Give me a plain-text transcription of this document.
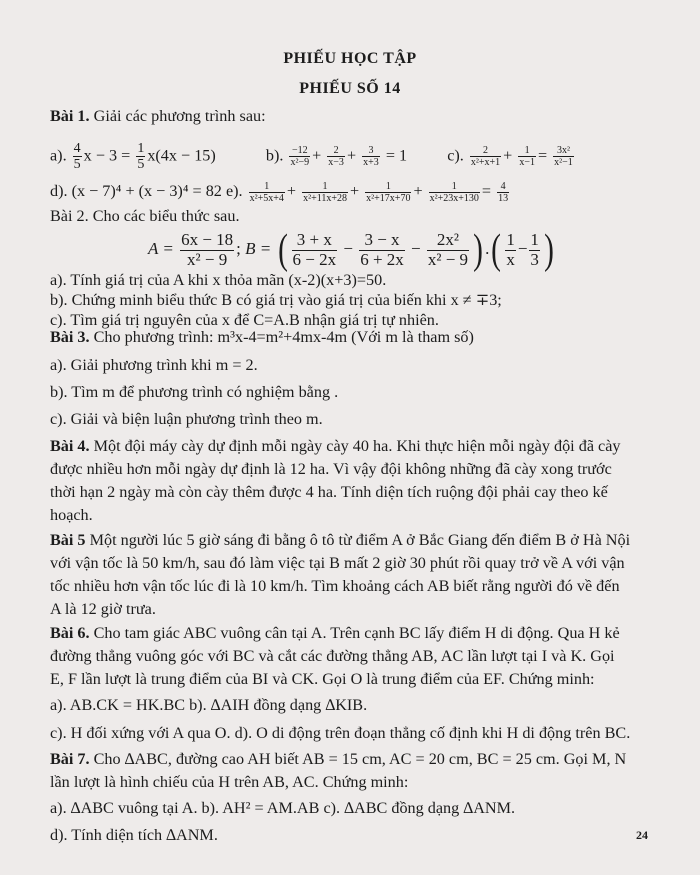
PHIẾU HỌC TẬP
PHIẾU SỐ 14
Bài 1. Giải các phương trình sau:
a). $\frac{4}{5}$ $x - 3 = \frac{1}{5} x(4x - 15)$	b). $\frac{-12}{\text{x²−9}} + \frac{2}{x-3} + \frac{3}{x+3} = 1$ c). $\frac{2}{\text{x²+x+1}} + \frac{1}{x-1} = \frac{\text{3x²}}{\text{x²−1}}$
d). (x − 7)⁴ + (x − 3)⁴ = 82 e). $\frac{1}{\text{x²+5x+4}} + \frac{1}{\text{x²+11x+28}} + \frac{1}{\text{x²+17x+70}} + \frac{1}{\text{x²+23x+130}} = \frac{4}{13}$
Bài 2. Cho các biểu thức sau.
$A = \frac{6x - 18}{\text{x² − 9}}$ ; B = ( $\frac{3 + x}{6 - 2x} - \frac{3 - x}{6 + 2x} - \frac{\text{2x²}}{\text{x² − 9}}$ ) .( $\frac{1}{x} - \frac{1}{3}$ )
a). Tính giá trị của A khi x thỏa mãn (x-2)(x+3)=50.
b). Chứng minh biểu thức B có giá trị vào giá trị của biến khi x ≠ ∓3;
c). Tìm giá trị nguyên của x để C=A.B nhận giá trị tự nhiên.
Bài 3. Cho phương trình: m³x-4=m²+4mx-4m (Với m là tham số)
a). Giải phương trình khi m = 2.
b). Tìm m để phương trình có nghiệm bằng .
c). Giải và biện luận phương trình theo m.
Bài 4. Một đội máy cày dự định mỗi ngày cày 40 ha. Khi thực hiện mỗi ngày đội đã cày
được nhiều hơn mỗi ngày dự định là 12 ha. Vì vậy đội không những đã cày xong trước
thời hạn 2 ngày mà còn cày thêm được 4 ha. Tính diện tích ruộng đội phải cay theo kế
hoạch.
Bài 5 Một người lúc 5 giờ sáng đi bằng ô tô từ điểm A ở Bắc Giang đến điểm B ở Hà Nội
với vận tốc là 50 km/h, sau đó làm việc tại B mất 2 giờ 30 phút rồi quay trở về A với vận
tốc nhiều hơn vận tốc lúc đi là 10 km/h. Tìm khoảng cách AB biết rằng người đó về đến
A là 12 giờ trưa.
Bài 6. Cho tam giác ABC vuông cân tại A. Trên cạnh BC lấy điểm H di động. Qua H kẻ
đường thẳng vuông góc với BC và cắt các đường thẳng AB, AC lần lượt tại I và K. Gọi
E, F lần lượt là trung điểm của BI và CK. Gọi O là trung điểm của EF. Chứng minh:
a). AB.CK = HK.BC b). ∆AIH đồng dạng ∆KIB.
c). H đối xứng với A qua O. d). O di động trên đoạn thẳng cố định khi H di động trên BC.
Bài 7. Cho ∆ABC, đường cao AH biết AB = 15 cm, AC = 20 cm, BC = 25 cm. Gọi M, N
lần lượt là hình chiếu của H trên AB, AC. Chứng minh:
a). ∆ABC vuông tại A. b). AH² = AM.AB c). ∆ABC đồng dạng ∆ANM.
d). Tính diện tích ∆ANM.	24
